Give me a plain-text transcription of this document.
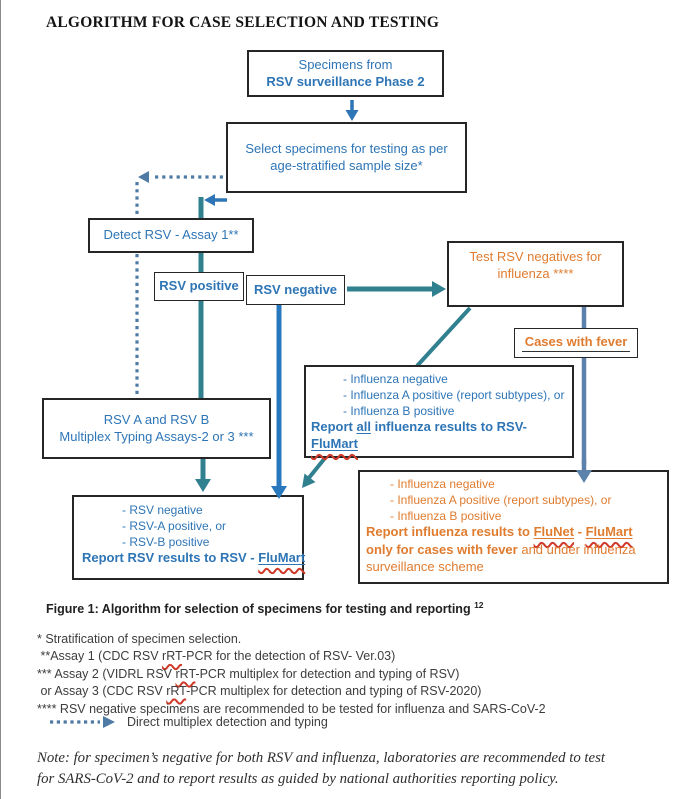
ALGORITHM FOR CASE SELECTION AND TESTING
Specimens from
RSV surveillance Phase 2
Select specimens for testing as per
age-stratified sample size*
Detect RSV - Assay 1**
RSV positive RSV negative
Test RSV negatives for
influenza ****
Cases with fever
- Influenza negative
- Influenza A positive (report subtypes), or
- Influenza B positive
Report all influenza results to RSV-
FluMart
RSV A and RSV B
Multiplex Typing Assays-2 or 3 ***
- RSV negative
- RSV-A positive, or
- RSV-B positive
Report RSV results to RSV - FluMart
- Influenza negative
- Influenza A positive (report subtypes), or
- Influenza B positive
Report influenza results to FluNet - FluMart
only for cases with fever and under influenza
surveillance scheme
Figure 1: Algorithm for selection of specimens for testing and reporting $^{12}$
* Stratification of specimen selection.
**Assay 1 (CDC RSV rRT-PCR for the detection of RSV- Ver.03)
*** Assay 2 (VIDRL RSV rRT-PCR multiplex for detection and typing of RSV)
or Assay 3 (CDC RSV rRT-PCR multiplex for detection and typing of RSV-2020)
**** RSV negative specimens are recommended to be tested for influenza and SARS-CoV-2
Direct multiplex detection and typing
Note: for specimen’s negative for both RSV and influenza, laboratories are recommended to test
for SARS-CoV-2 and to report results as guided by national authorities reporting policy.
